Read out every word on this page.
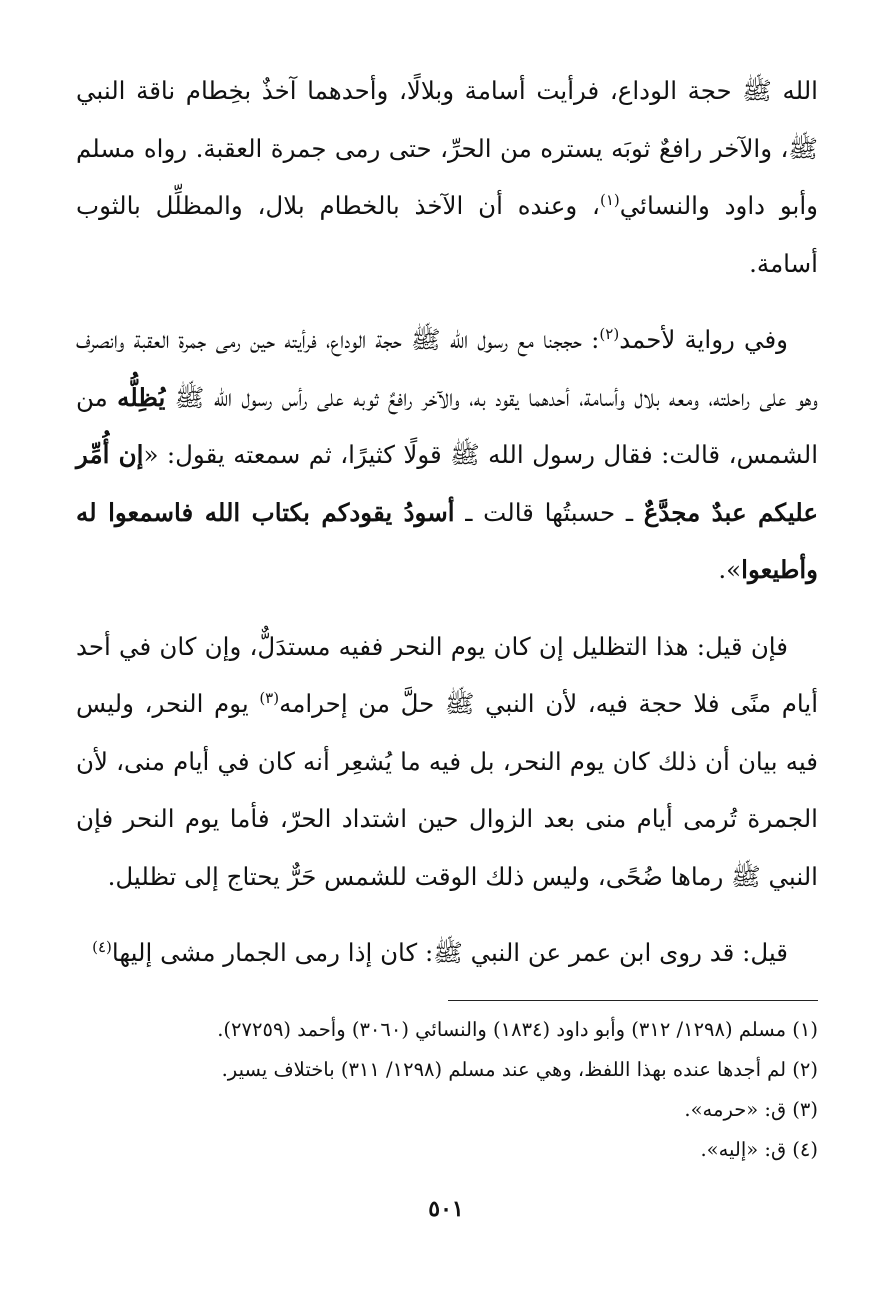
الله ﷺ حجة الوداع، فرأيت أسامة وبلالًا، وأحدهما آخذٌ بخِطام ناقة النبي ﷺ، والآخر رافعٌ ثوبَه يستره من الحرِّ، حتى رمى جمرة العقبة. رواه مسلم وأبو داود والنسائي$^{(١)}$، وعنده أن الآخذ بالخطام بلال، والمظلِّل بالثوب أسامة.

وفي رواية لأحمد$^{(٢)}$: حججنا مع رسول الله ﷺ حجة الوداع، فرأيته حين رمى جمرة العقبة وانصرف وهو على راحلته، ومعه بلال وأسامة، أحدهما يقود به، والآخر رافعٌ ثوبه على رأس رسول الله ﷺ يُظِلُّه من الشمس، قالت: فقال رسول الله ﷺ قولًا كثيرًا، ثم سمعته يقول: «إن أُمِّر عليكم عبدٌ مجدَّعٌ ـ حسبتُها قالت ـ أسودُ يقودكم بكتاب الله فاسمعوا له وأطيعوا».

فإن قيل: هذا التظليل إن كان يوم النحر ففيه مستدَلٌّ، وإن كان في أحد أيام منًى فلا حجة فيه، لأن النبي ﷺ حلَّ من إحرامه$^{(٣)}$ يوم النحر، وليس فيه بيان أن ذلك كان يوم النحر، بل فيه ما يُشعِر أنه كان في أيام منى، لأن الجمرة تُرمى أيام منى بعد الزوال حين اشتداد الحرّ، فأما يوم النحر فإن النبي ﷺ رماها ضُحًى، وليس ذلك الوقت للشمس حَرٌّ يحتاج إلى تظليل.

قيل: قد روى ابن عمر عن النبي ﷺ: كان إذا رمى الجمار مشى إليها$^{(٤)}$

(١) مسلم (١٢٩٨/ ٣١٢) وأبو داود (١٨٣٤) والنسائي (٣٠٦٠) وأحمد (٢٧٢٥٩).
(٢) لم أجدها عنده بهذا اللفظ، وهي عند مسلم (١٢٩٨/ ٣١١) باختلاف يسير.
(٣) ق: «حرمه».
(٤) ق: «إليه».
٥٠١
